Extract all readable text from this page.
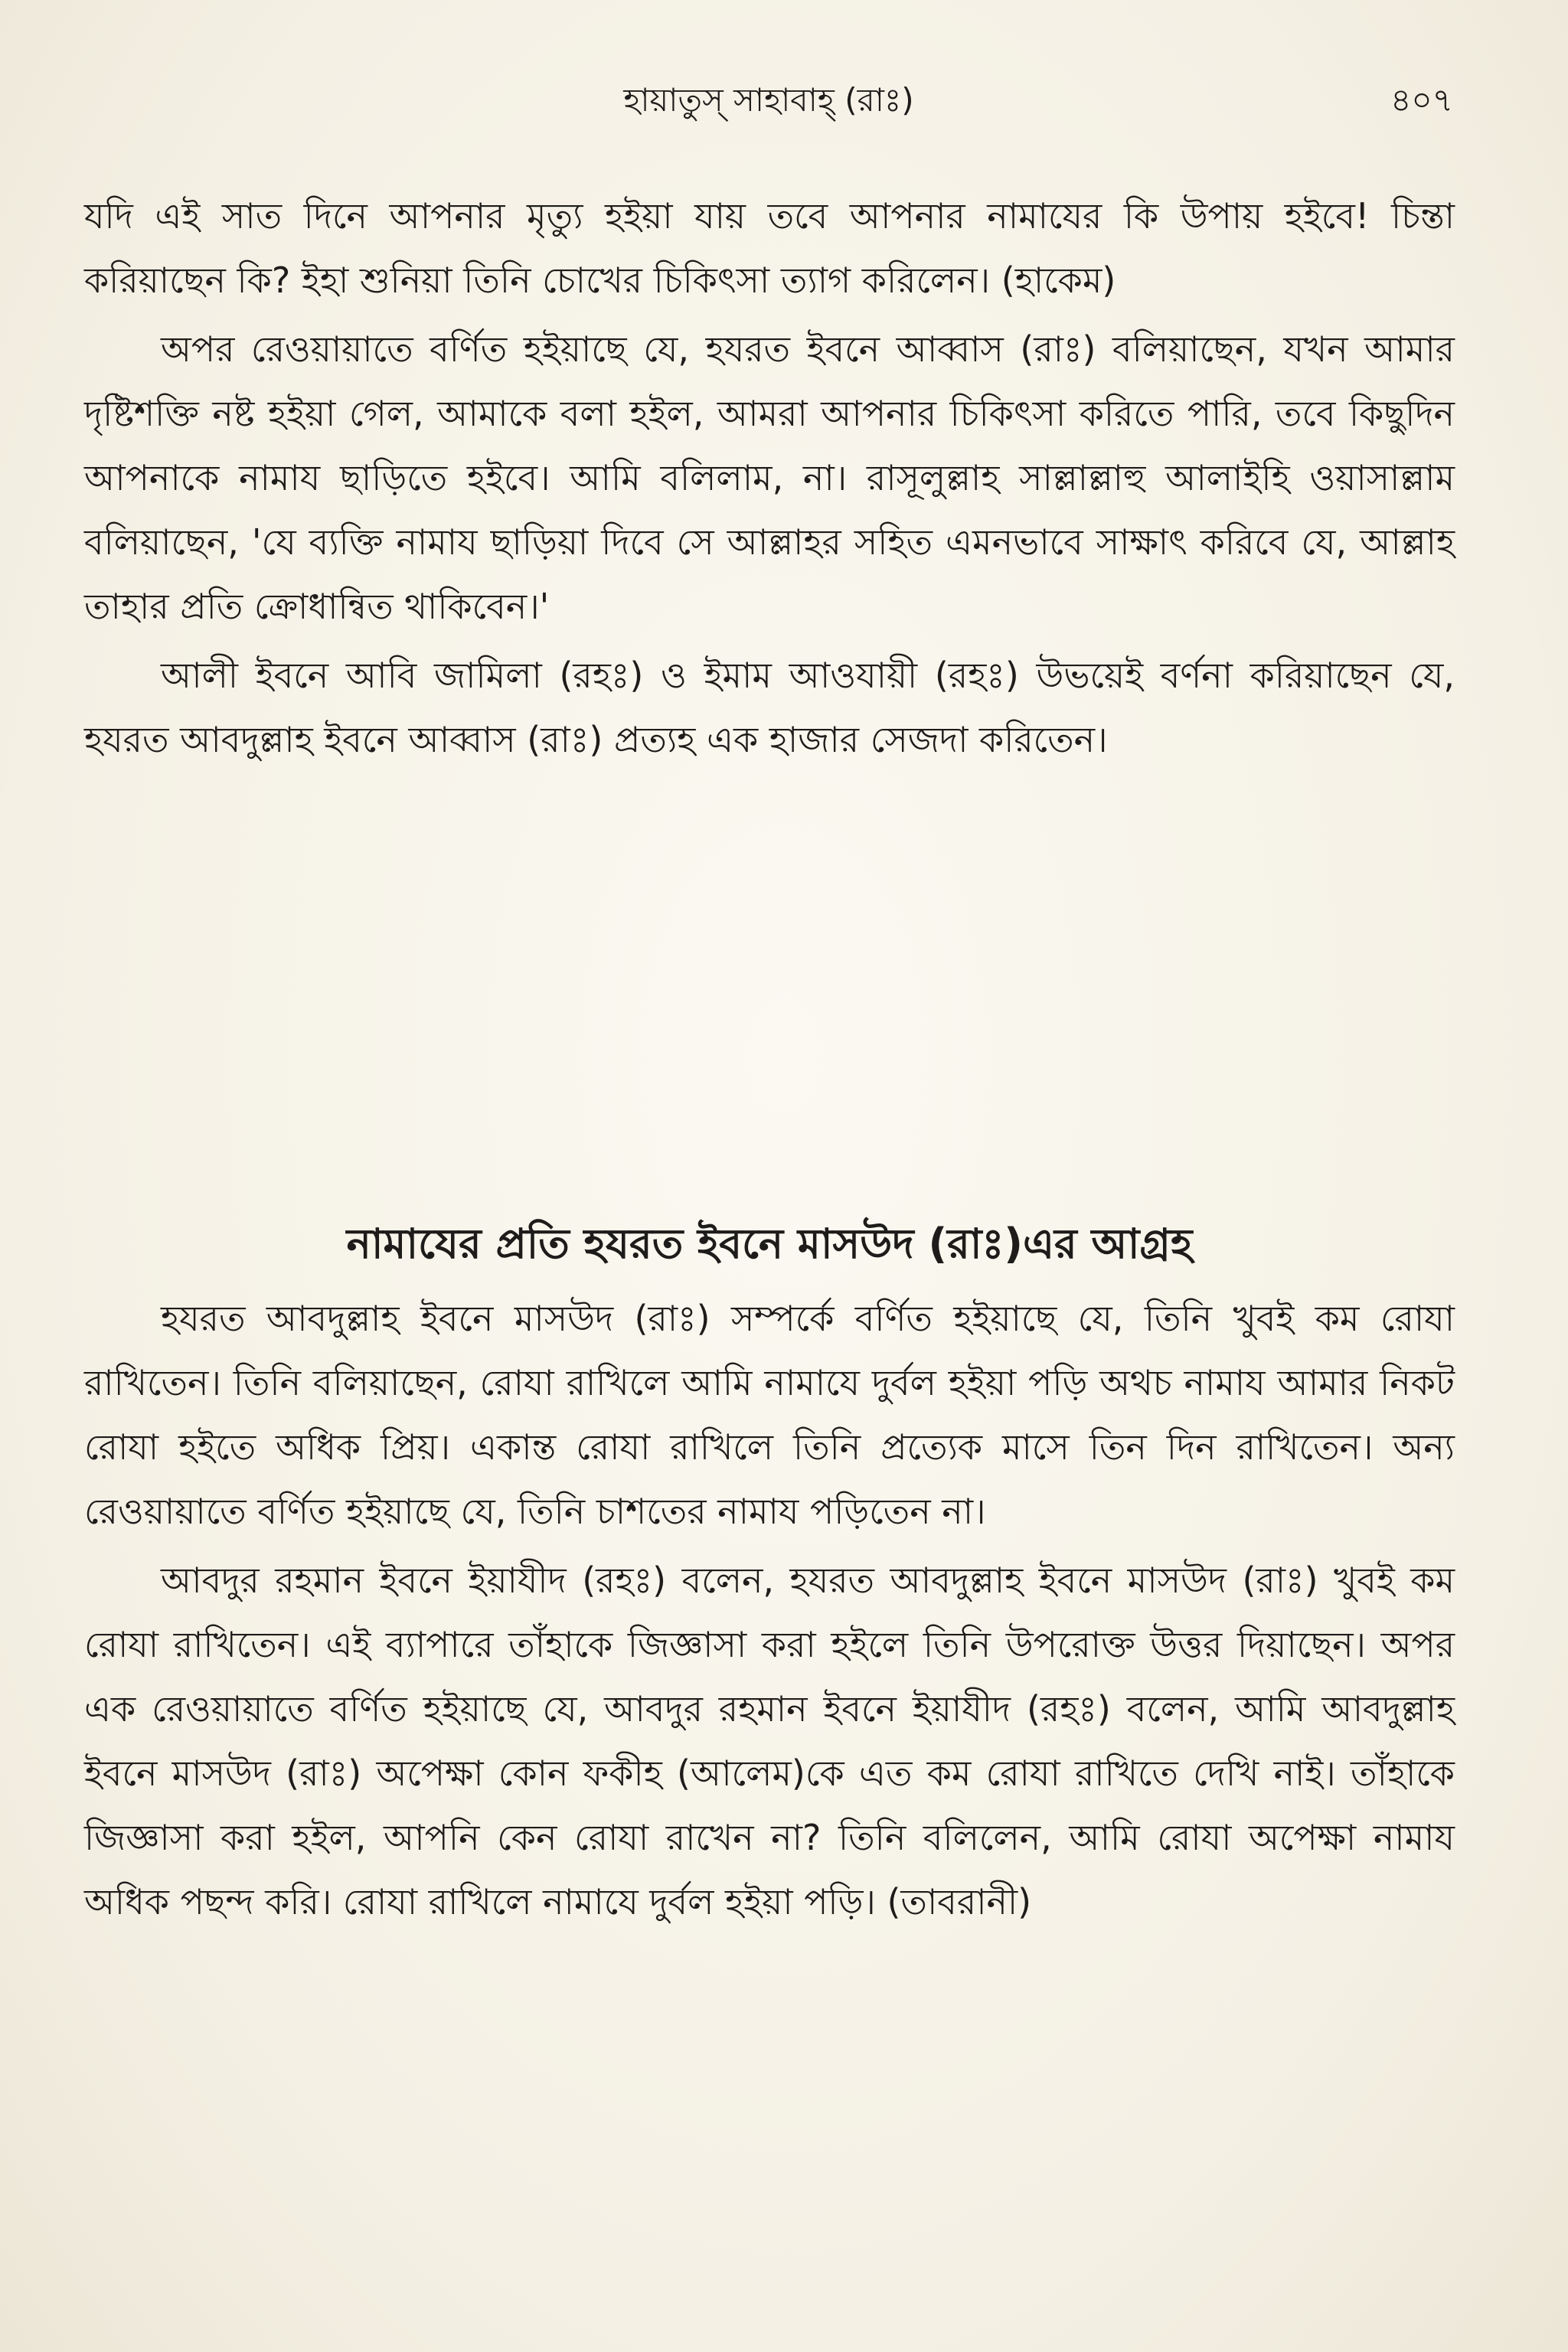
হায়াতুস্ সাহাবাহ্ (রাঃ)	৪০৭

যদি এই সাত দিনে আপনার মৃত্যু হইয়া যায় তবে আপনার নামাযের কি উপায় হইবে! চিন্তা করিয়াছেন কি? ইহা শুনিয়া তিনি চোখের চিকিৎসা ত্যাগ করিলেন। (হাকেম)

অপর রেওয়ায়াতে বর্ণিত হইয়াছে যে, হযরত ইবনে আব্বাস (রাঃ) বলিয়াছেন, যখন আমার দৃষ্টিশক্তি নষ্ট হইয়া গেল, আমাকে বলা হইল, আমরা আপনার চিকিৎসা করিতে পারি, তবে কিছুদিন আপনাকে নামায ছাড়িতে হইবে। আমি বলিলাম, না। রাসূলুল্লাহ সাল্লাল্লাহু আলাইহি ওয়াসাল্লাম বলিয়াছেন, 'যে ব্যক্তি নামায ছাড়িয়া দিবে সে আল্লাহর সহিত এমনভাবে সাক্ষাৎ করিবে যে, আল্লাহ তাহার প্রতি ক্রোধান্বিত থাকিবেন।'

আলী ইবনে আবি জামিলা (রহঃ) ও ইমাম আওযায়ী (রহঃ) উভয়েই বর্ণনা করিয়াছেন যে, হযরত আবদুল্লাহ ইবনে আব্বাস (রাঃ) প্রত্যহ এক হাজার সেজদা করিতেন।

নামাযের প্রতি হযরত ইবনে মাসউদ (রাঃ)এর আগ্রহ

হযরত আবদুল্লাহ ইবনে মাসউদ (রাঃ) সম্পর্কে বর্ণিত হইয়াছে যে, তিনি খুবই কম রোযা রাখিতেন। তিনি বলিয়াছেন, রোযা রাখিলে আমি নামাযে দুর্বল হইয়া পড়ি অথচ নামায আমার নিকট রোযা হইতে অধিক প্রিয়। একান্ত রোযা রাখিলে তিনি প্রত্যেক মাসে তিন দিন রাখিতেন। অন্য রেওয়ায়াতে বর্ণিত হইয়াছে যে, তিনি চাশতের নামায পড়িতেন না।

আবদুর রহমান ইবনে ইয়াযীদ (রহঃ) বলেন, হযরত আবদুল্লাহ ইবনে মাসউদ (রাঃ) খুবই কম রোযা রাখিতেন। এই ব্যাপারে তাঁহাকে জিজ্ঞাসা করা হইলে তিনি উপরোক্ত উত্তর দিয়াছেন। অপর এক রেওয়ায়াতে বর্ণিত হইয়াছে যে, আবদুর রহমান ইবনে ইয়াযীদ (রহঃ) বলেন, আমি আবদুল্লাহ ইবনে মাসউদ (রাঃ) অপেক্ষা কোন ফকীহ (আলেম)কে এত কম রোযা রাখিতে দেখি নাই। তাঁহাকে জিজ্ঞাসা করা হইল, আপনি কেন রোযা রাখেন না? তিনি বলিলেন, আমি রোযা অপেক্ষা নামায অধিক পছন্দ করি। রোযা রাখিলে নামাযে দুর্বল হইয়া পড়ি। (তাবরানী)
